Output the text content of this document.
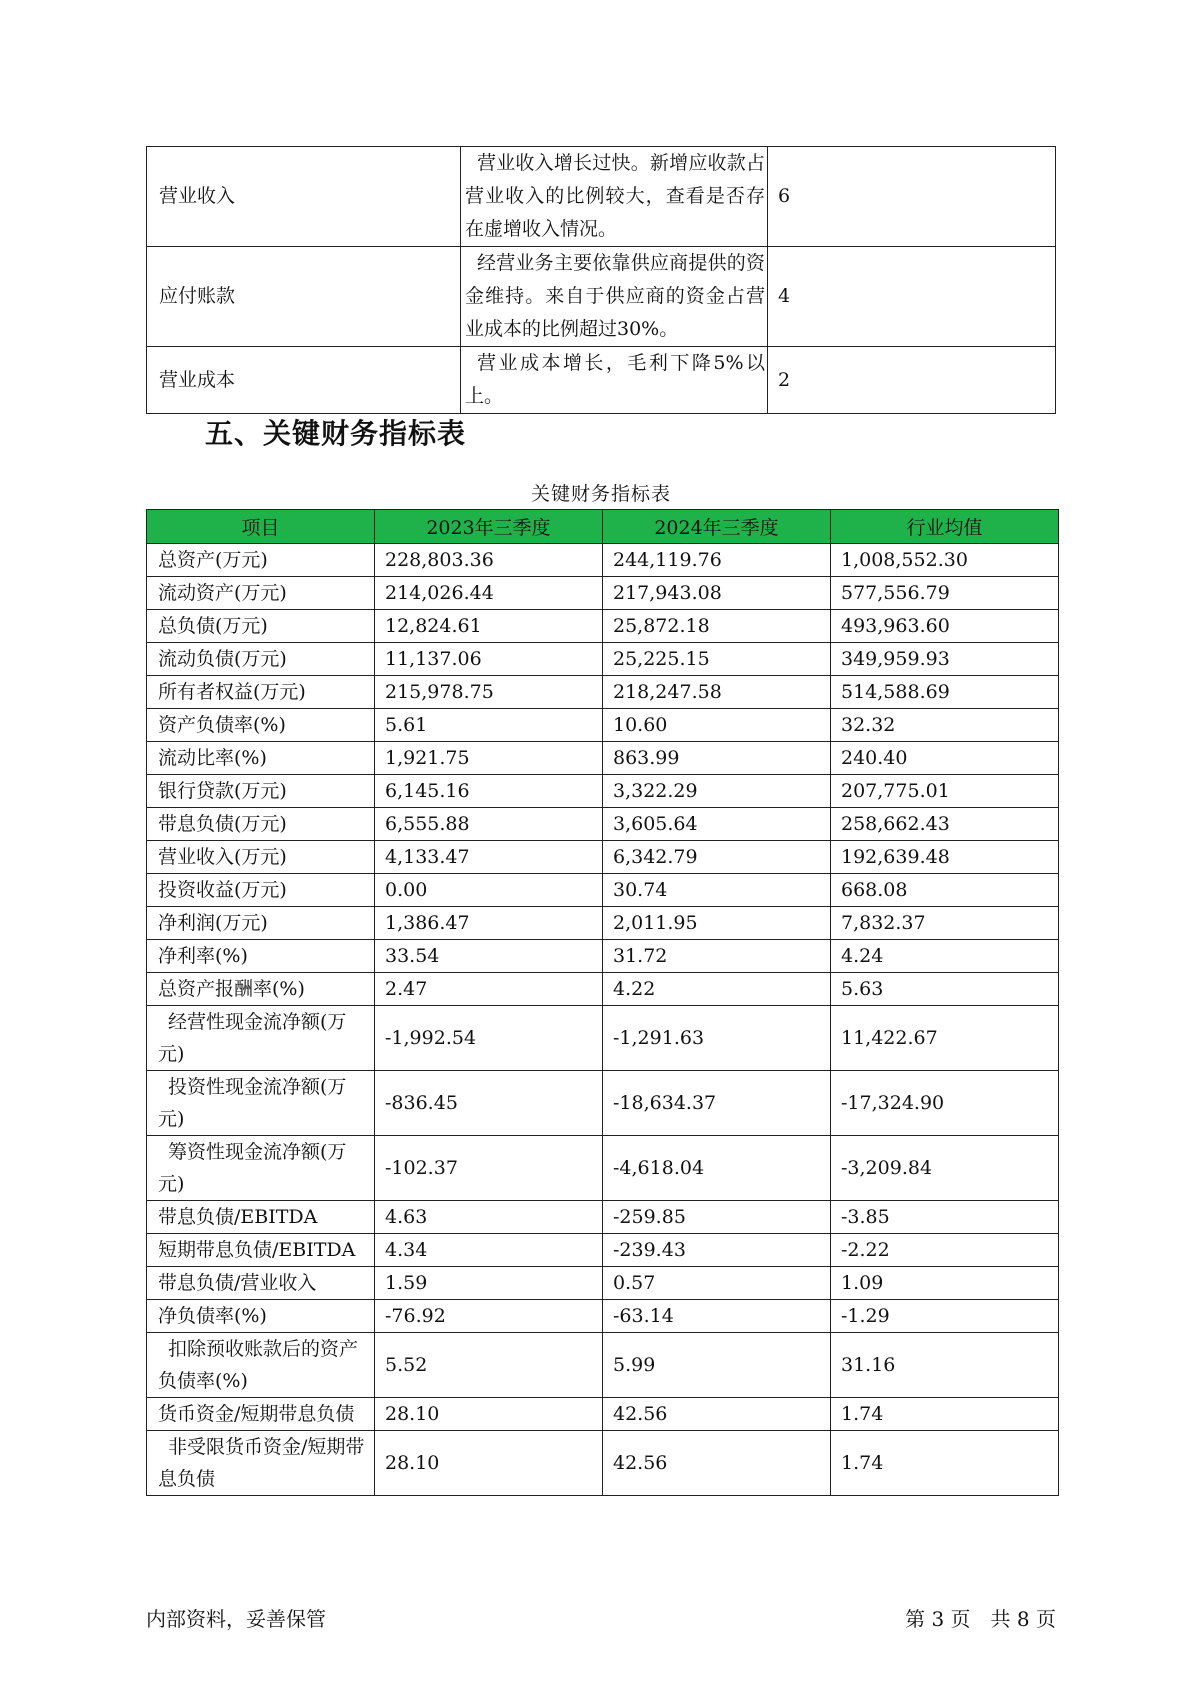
营业收入	营业收入增长过快。新增应收款占营业收入的比例较大，查看是否存在虚增收入情况。	6
应付账款	经营业务主要依靠供应商提供的资金维持。来自于供应商的资金占营业成本的比例超过30%。	4
营业成本	营业成本增长，毛利下降5%以上。	2
五、关键财务指标表
关键财务指标表
项目	2023年三季度	2024年三季度	行业均值
总资产(万元)	228,803.36	244,119.76	1,008,552.30
流动资产(万元)	214,026.44	217,943.08	577,556.79
总负债(万元)	12,824.61	25,872.18	493,963.60
流动负债(万元)	11,137.06	25,225.15	349,959.93
所有者权益(万元)	215,978.75	218,247.58	514,588.69
资产负债率(%)	5.61	10.60	32.32
流动比率(%)	1,921.75	863.99	240.40
银行贷款(万元)	6,145.16	3,322.29	207,775.01
带息负债(万元)	6,555.88	3,605.64	258,662.43
营业收入(万元)	4,133.47	6,342.79	192,639.48
投资收益(万元)	0.00	30.74	668.08
净利润(万元)	1,386.47	2,011.95	7,832.37
净利率(%)	33.54	31.72	4.24
总资产报酬率(%)	2.47	4.22	5.63
经营性现金流净额(万元)	-1,992.54	-1,291.63	11,422.67
投资性现金流净额(万元)	-836.45	-18,634.37	-17,324.90
筹资性现金流净额(万元)	-102.37	-4,618.04	-3,209.84
带息负债/EBITDA	4.63	-259.85	-3.85
短期带息负债/EBITDA	4.34	-239.43	-2.22
带息负债/营业收入	1.59	0.57	1.09
净负债率(%)	-76.92	-63.14	-1.29
扣除预收账款后的资产负债率(%)	5.52	5.99	31.16
货币资金/短期带息负债	28.10	42.56	1.74
非受限货币资金/短期带息负债	28.10	42.56	1.74
内部资料，妥善保管	第 3 页　共 8 页
